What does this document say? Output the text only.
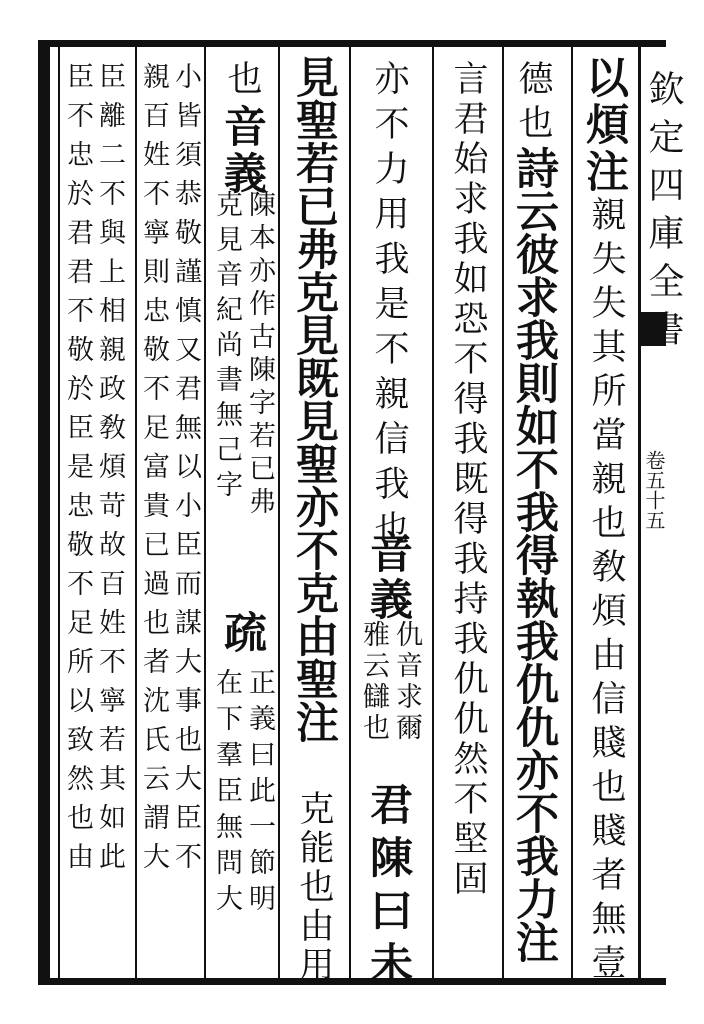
欽定四庫全書
卷五十五
以煩注
親失失其所當親也敎煩由信賤也賤者無壹
德也
詩云彼求我則如不我得執我仇仇亦不我力注
言君始求我如恐不得我既得我持我仇仇然不堅固
亦不力用我是不親信我也
音義
仇音求爾
雅云讎也
君陳曰未
見聖若已弗克見既見聖亦不克由聖注
克能也由用
也
音義
陳本亦作古陳字若已弗
克見音紀尚書無己字
疏
正義曰此一節明
在下羣臣無問大
小皆須恭敬謹慎又君無以小臣而謀大事也大臣不
親百姓不寧則忠敬不足富貴已過也者沈氏云謂大
臣離二不與上相親政敎煩苛故百姓不寧若其如此
臣不忠於君君不敬於臣是忠敬不足所以致然也由
